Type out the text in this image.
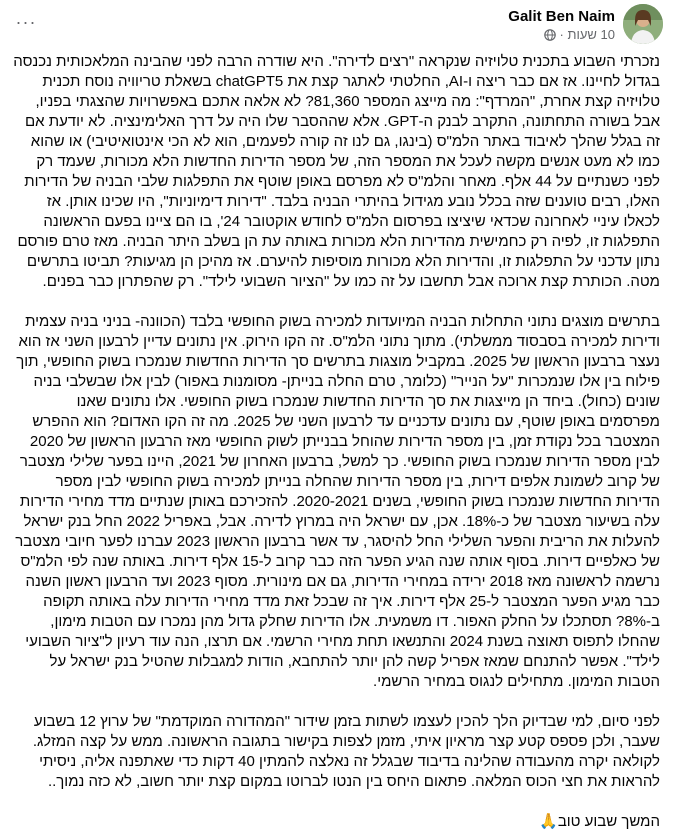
···	Galit Ben Naim
10 שעות ·

נזכרתי השבוע בתכנית טלויזיה שנקראה "רצים לדירה". היא שודרה הרבה לפני שהבינה המלאכותית נכנסה בגדול לחיינו. אז אם כבר ריצה ו-AI, החלטתי לאתגר קצת את chatGPT5 בשאלת טריוויה נוסח תכנית טלויזיה קצת אחרת, "המרדף": מה מייצג המספר 81,360? לא אלאה אתכם באפשרויות שהצגתי בפניו, אבל בשורה התחתונה, התקרב לבנק ה-GPT. אלא שההסבר שלו היה על דרך האלימינציה. לא יודעת אם זה בגלל שהלך לאיבוד באתר הלמ"ס (בינגו, גם לנו זה קורה לפעמים, הוא לא הכי אינטואיטיבי) או שהוא כמו לא מעט אנשים מקשה לעכל את המספר הזה, של מספר הדירות החדשות הלא מכורות, שעמד רק לפני כשנתיים על 44 אלף. מאחר והלמ"ס לא מפרסם באופן שוטף את התפלגות שלבי הבניה של הדירות האלו, רבים טוענים שזה בכלל נובע מגידול בהיתרי הבניה בלבד. "דירות דימיוניות", היו שכינו אותן. אז לכאלו עיניי לאחרונה שכדאי שיציצו בפרסום הלמ"ס לחודש אוקטובר 24', בו הם ציינו בפעם הראשונה התפלגות זו, לפיה רק כחמישית מהדירות הלא מכורות באותה עת הן בשלב היתר הבניה. מאז טרם פורסם נתון עדכני על התפלגות זו, והדירות הלא מכורות מוסיפות להיערם. אז מהיכן הן מגיעות? תביטו בתרשים מטה. הכותרת קצת ארוכה אבל תחשבו על זה כמו על "הציור השבועי לילד". רק שהפתרון כבר בפנים.

בתרשים מוצגים נתוני התחלות הבניה המיועדות למכירה בשוק החופשי בלבד (הכוונה- בניני בניה עצמית ודירות למכירה בסבסוד ממשלתי). מתוך נתוני הלמ"ס. זה הקו הירוק. אין נתונים עדיין לרבעון השני אז הוא נעצר ברבעון הראשון של 2025. במקביל מוצגות בתרשים סך הדירות החדשות שנמכרו בשוק החופשי, תוך פילוח בין אלו שנמכרות "על הנייר" (כלומר, טרם החלה בנייתן- מסומנות באפור) לבין אלו שבשלבי בניה שונים (כחול). ביחד הן מייצגות את סך הדירות החדשות שנמכרו בשוק החופשי. אלו נתונים שאנו מפרסמים באופן שוטף, עם נתונים עדכניים עד לרבעון השני של 2025. מה זה הקו האדום? הוא ההפרש המצטבר בכל נקודת זמן, בין מספר הדירות שהוחל בבנייתן לשוק החופשי מאז הרבעון הראשון של 2020 לבין מספר הדירות שנמכרו בשוק החופשי. כך למשל, ברבעון האחרון של 2021, היינו בפער שלילי מצטבר של קרוב לשמונת אלפים דירות, בין מספר הדירות שהחלה בנייתן למכירה בשוק החופשי לבין מספר הדירות החדשות שנמכרו בשוק החופשי, בשנים 2020-2021. להזכירכם באותן שנתיים מדד מחירי הדירות עלה בשיעור מצטבר של כ-18%. אכן, עם ישראל היה במרוץ לדירה. אבל, באפריל 2022 החל בנק ישראל להעלות את הריבית והפער השלילי החל להיסגר, עד אשר ברבעון הראשון 2023 עברנו לפער חיובי מצטבר של כאלפיים דירות. בסוף אותה שנה הגיע הפער הזה כבר קרוב ל-15 אלף דירות. באותה שנה לפי הלמ"ס נרשמה לראשונה מאז 2018 ירידה במחירי הדירות, גם אם מינורית. מסוף 2023 ועד הרבעון ראשון השנה כבר מגיע הפער המצטבר ל-25 אלף דירות. איך זה שבכל זאת מדד מחירי הדירות עלה באותה תקופה ב-8%? תסתכלו על החלק האפור. דו משמעית. אלו הדירות שחלק גדול מהן נמכרו עם הטבות מימון, שהחלו לתפוס תאוצה בשנת 2024 והתנשאו תחת מחירי הרשמי. אם תרצו, הנה עוד רעיון ל"ציור השבועי לילד". אפשר להתנחם שמאז אפריל קשה להן יותר להתחבא, הודות למגבלות שהטיל בנק ישראל על הטבות המימון. מתחילים לנגוס במחיר הרשמי.

לפני סיום, למי שבדיוק הלך להכין לעצמו לשתות בזמן שידור "המהדורה המוקדמת" של ערוץ 12 בשבוע שעבר, ולכן פספס קטע קצר מראיון איתי, מזמן לצפות בקישור בתגובה הראשונה. ממש על קצה המזלג. לקולאה יקרה מהעבודה שהלינה בדיבוד שבגלל זה נאלצה להמתין 40 דקות כדי שאתפנה אליה, ניסיתי להראות את חצי הכוס המלאה. פתאום היחס בין הנטו לברוטו במקום קצת יותר חשוב, לא כזה נמוך..

המשך שבוע טוב🙏
